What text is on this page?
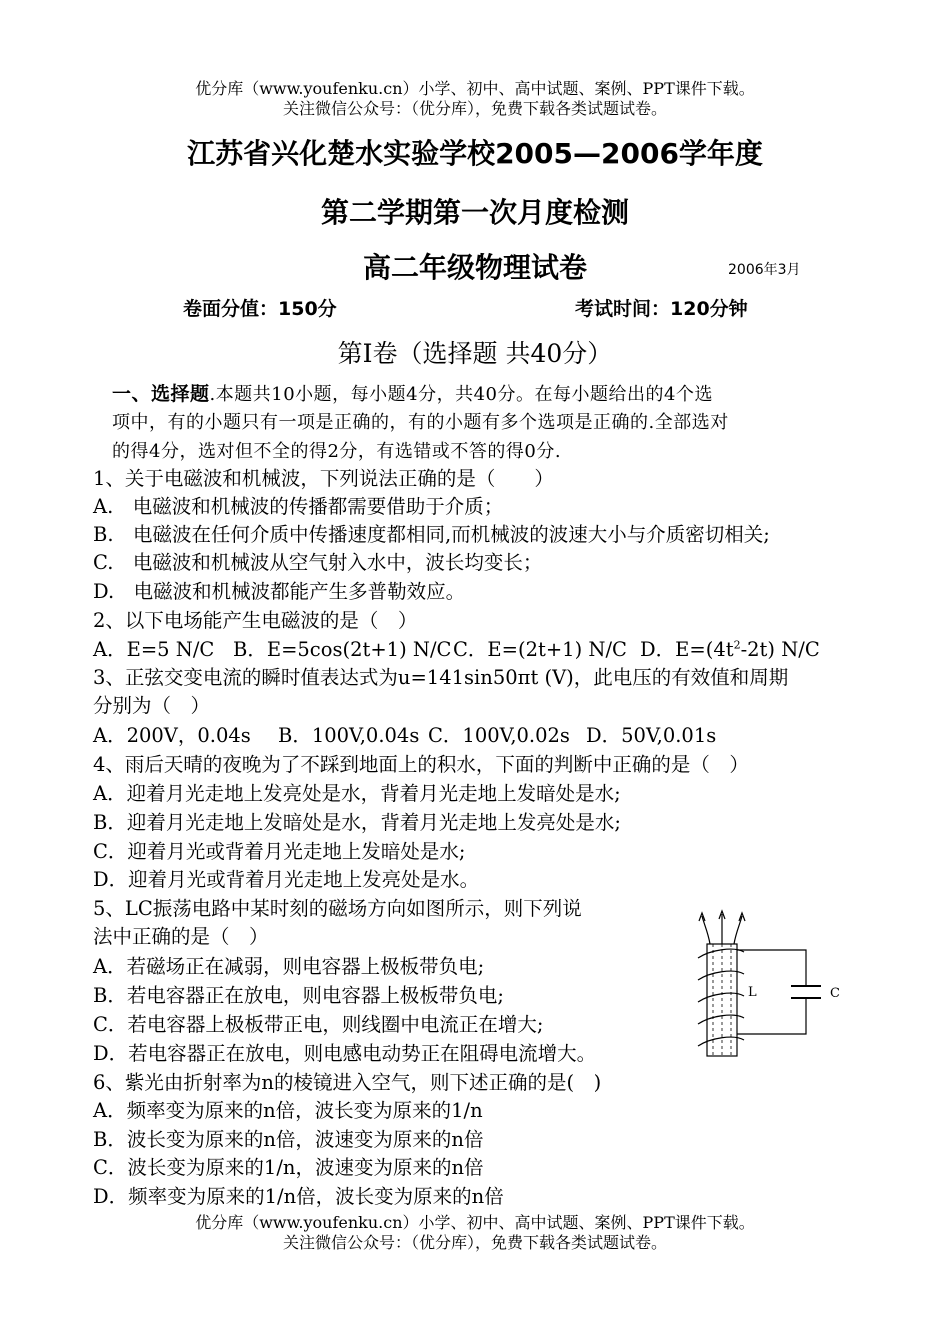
优分库（www.youfenku.cn）小学、初中、高中试题、案例、PPT课件下载。
关注微信公众号：（优分库），免费下载各类试题试卷。
江苏省兴化楚水实验学校2005—2006学年度
第二学期第一次月度检测
高二年级物理试卷	2006年3月
卷面分值：150分	考试时间：120分钟
第I卷（选择题 共40分）
一、选择题.本题共10小题，每小题4分，共40分。在每小题给出的4个选
项中，有的小题只有一项是正确的，有的小题有多个选项是正确的.全部选对
的得4分，选对但不全的得2分，有选错或不答的得0分.
1、关于电磁波和机械波，下列说法正确的是（　　）
A.　电磁波和机械波的传播都需要借助于介质；
B.　电磁波在任何介质中传播速度都相同,而机械波的波速大小与介质密切相关;
C.　电磁波和机械波从空气射入水中，波长均变长；
D.　电磁波和机械波都能产生多普勒效应。
2、以下电场能产生电磁波的是（　）
A．E=5 N/C B．E=5cos(2t+1) N/C C．E=(2t+1) N/C D．$E=(4t^2-2t)$ N/C
3、正弦交变电流的瞬时值表达式为u=141sin50πt (V)，此电压的有效值和周期
分别为（　）
A．200V，0.04s B．100V,0.04s C．100V,0.02s D．50V,0.01s
4、雨后天晴的夜晚为了不踩到地面上的积水，下面的判断中正确的是（　）
A．迎着月光走地上发亮处是水，背着月光走地上发暗处是水;
B．迎着月光走地上发暗处是水，背着月光走地上发亮处是水;
C．迎着月光或背着月光走地上发暗处是水;
D．迎着月光或背着月光走地上发亮处是水。
5、LC振荡电路中某时刻的磁场方向如图所示，则下列说
法中正确的是（　）
A．若磁场正在减弱，则电容器上极板带负电;
B．若电容器正在放电，则电容器上极板带负电;
C．若电容器上极板带正电，则线圈中电流正在增大;
D．若电容器正在放电，则电感电动势正在阻碍电流增大。
L	C
6、紫光由折射率为n的棱镜进入空气，则下述正确的是(　)
A．频率变为原来的n倍，波长变为原来的1/n
B．波长变为原来的n倍，波速变为原来的n倍
C．波长变为原来的1/n，波速变为原来的n倍
D．频率变为原来的1/n倍，波长变为原来的n倍
优分库（www.youfenku.cn）小学、初中、高中试题、案例、PPT课件下载。
关注微信公众号：（优分库），免费下载各类试题试卷。
